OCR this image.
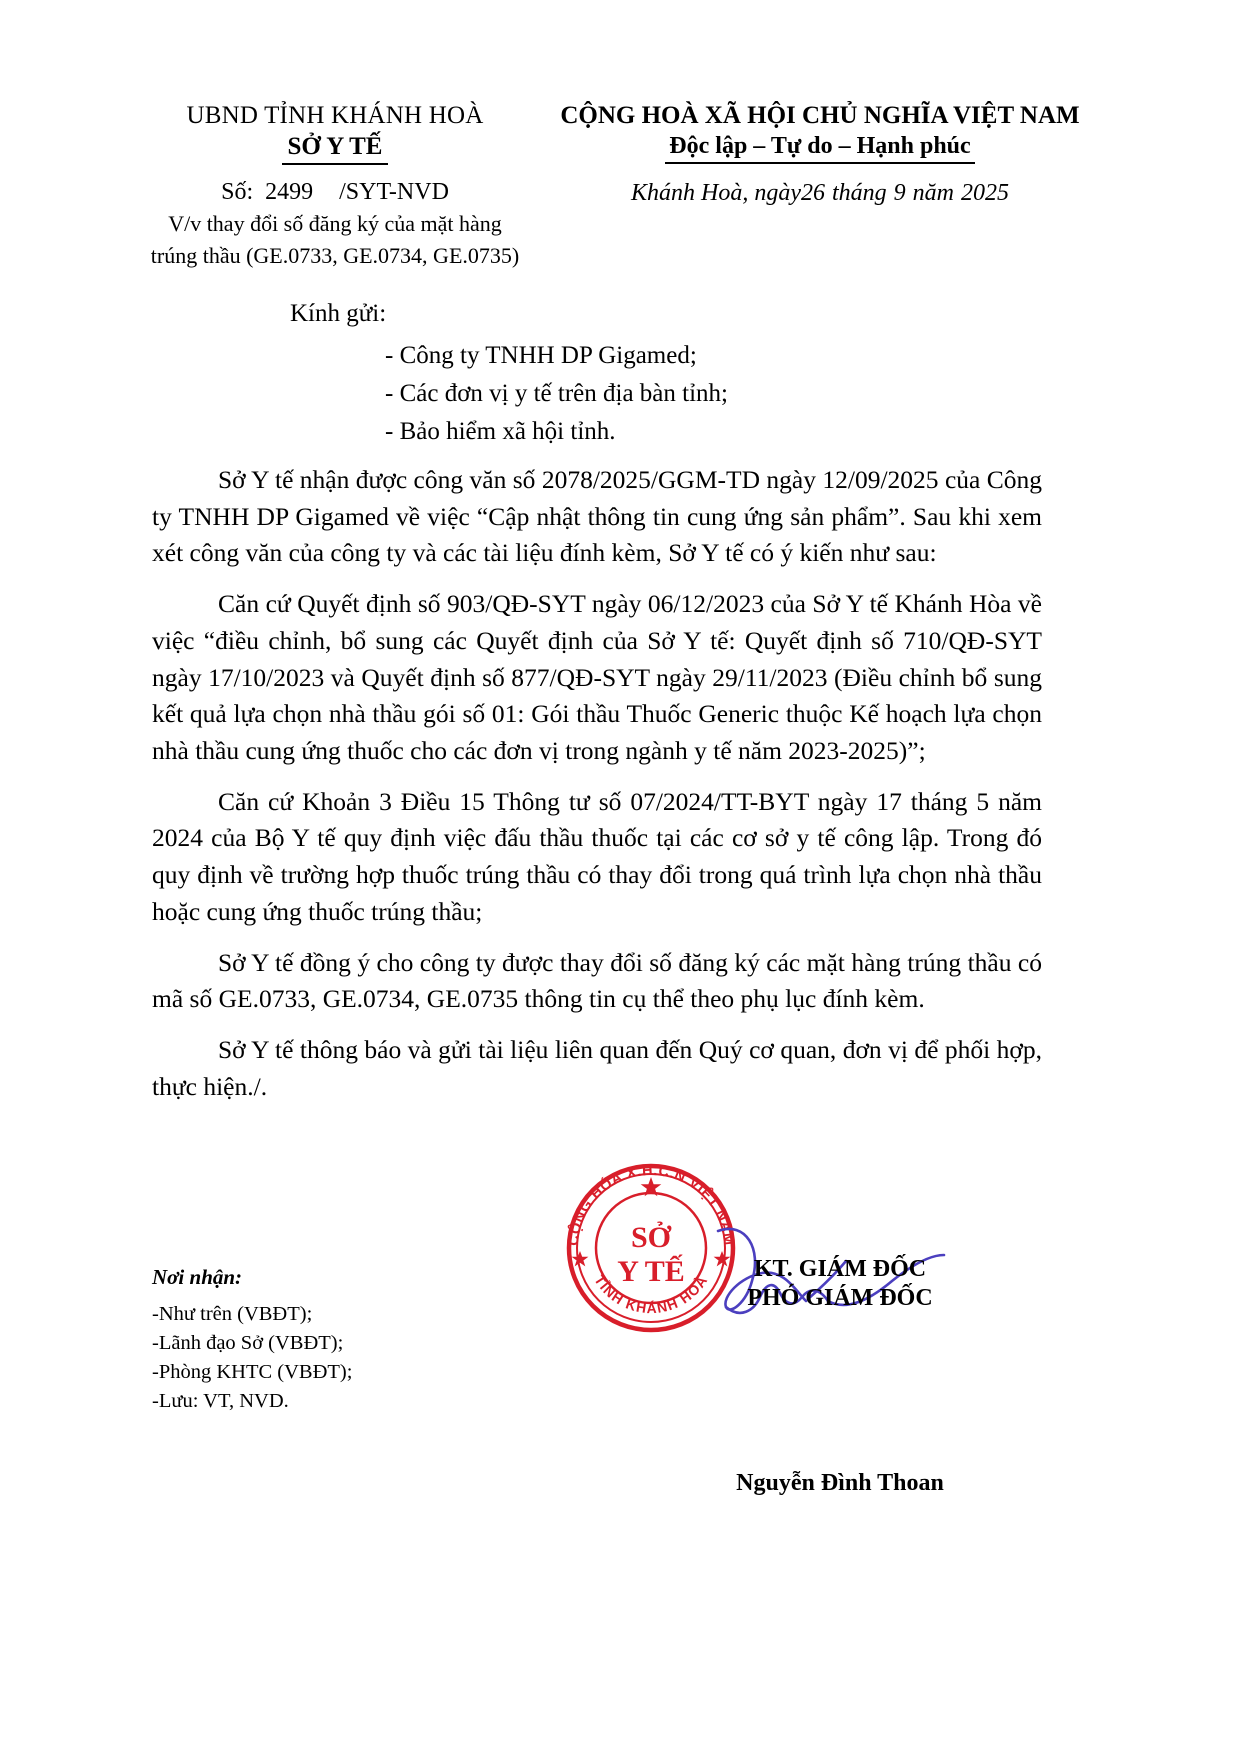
UBND TỈNH KHÁNH HOÀ
SỞ Y TẾ
Số: 2499 /SYT-NVD
V/v thay đổi số đăng ký của mặt hàng
trúng thầu (GE.0733, GE.0734, GE.0735)
CỘNG HOÀ XÃ HỘI CHỦ NGHĨA VIỆT NAM
Độc lập – Tự do – Hạnh phúc
Khánh Hoà, ngày26 tháng 9 năm 2025
Kính gửi:
- Công ty TNHH DP Gigamed;
- Các đơn vị y tế trên địa bàn tỉnh;
- Bảo hiểm xã hội tỉnh.

Sở Y tế nhận được công văn số 2078/2025/GGM-TD ngày 12/09/2025 của Công ty TNHH DP Gigamed về việc “Cập nhật thông tin cung ứng sản phẩm”. Sau khi xem xét công văn của công ty và các tài liệu đính kèm, Sở Y tế có ý kiến như sau:

Căn cứ Quyết định số 903/QĐ-SYT ngày 06/12/2023 của Sở Y tế Khánh Hòa về việc “điều chỉnh, bổ sung các Quyết định của Sở Y tế: Quyết định số 710/QĐ-SYT ngày 17/10/2023 và Quyết định số 877/QĐ-SYT ngày 29/11/2023 (Điều chỉnh bổ sung kết quả lựa chọn nhà thầu gói số 01: Gói thầu Thuốc Generic thuộc Kế hoạch lựa chọn nhà thầu cung ứng thuốc cho các đơn vị trong ngành y tế năm 2023-2025)”;

Căn cứ Khoản 3 Điều 15 Thông tư số 07/2024/TT-BYT ngày 17 tháng 5 năm 2024 của Bộ Y tế quy định việc đấu thầu thuốc tại các cơ sở y tế công lập. Trong đó quy định về trường hợp thuốc trúng thầu có thay đổi trong quá trình lựa chọn nhà thầu hoặc cung ứng thuốc trúng thầu;

Sở Y tế đồng ý cho công ty được thay đổi số đăng ký các mặt hàng trúng thầu có mã số GE.0733, GE.0734, GE.0735 thông tin cụ thể theo phụ lục đính kèm.

Sở Y tế thông báo và gửi tài liệu liên quan đến Quý cơ quan, đơn vị để phối hợp, thực hiện./.

Nơi nhận:
-Như trên (VBĐT);
-Lãnh đạo Sở (VBĐT);
-Phòng KHTC (VBĐT);
-Lưu: VT, NVD.
CỘNG HÓA X.H.C.N VIỆT NAM
TỈNH KHÁNH HOÀ
SỞ
Y TẾ	KT. GIÁM ĐỐC
PHÓ GIÁM ĐỐC
Nguyễn Đình Thoan
